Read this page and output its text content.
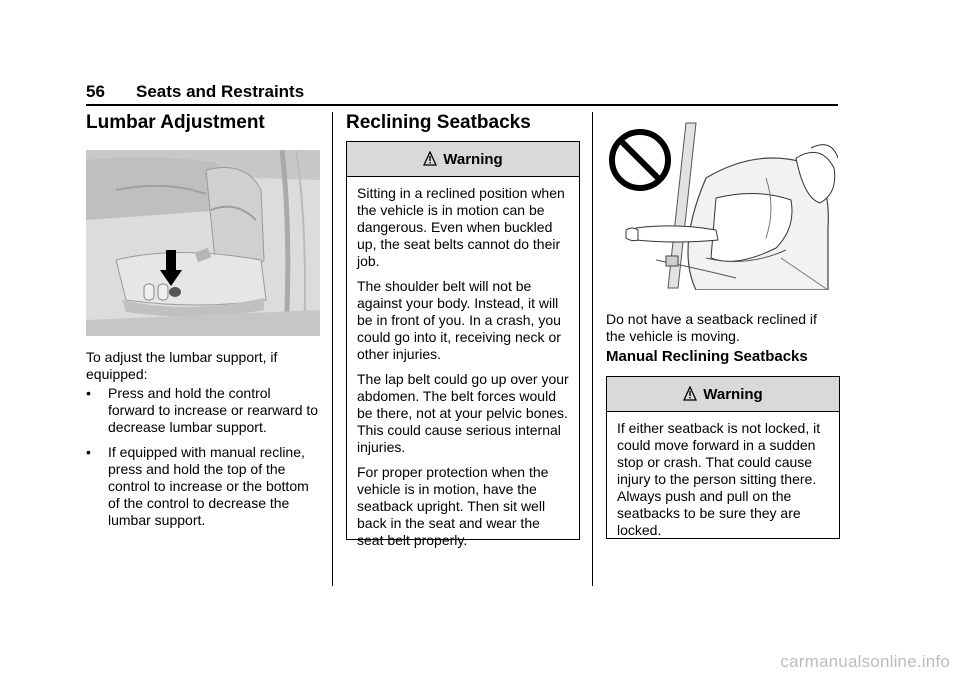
56 Seats and Restraints
Lumbar Adjustment
To adjust the lumbar support, if equipped:
• Press and hold the control forward to increase or rearward to decrease lumbar support.
• If equipped with manual recline, press and hold the top of the control to increase or the bottom of the control to decrease the lumbar support.
Reclining Seatbacks
Warning

Sitting in a reclined position when the vehicle is in motion can be dangerous. Even when buckled up, the seat belts cannot do their job.

The shoulder belt will not be against your body. Instead, it will be in front of you. In a crash, you could go into it, receiving neck or other injuries.

The lap belt could go up over your abdomen. The belt forces would be there, not at your pelvic bones. This could cause serious internal injuries.

For proper protection when the vehicle is in motion, have the seatback upright. Then sit well back in the seat and wear the seat belt properly.

Do not have a seatback reclined if the vehicle is moving.
Manual Reclining Seatbacks
Warning

If either seatback is not locked, it could move forward in a sudden stop or crash. That could cause injury to the person sitting there. Always push and pull on the seatbacks to be sure they are locked.

carmanualsonline.info
